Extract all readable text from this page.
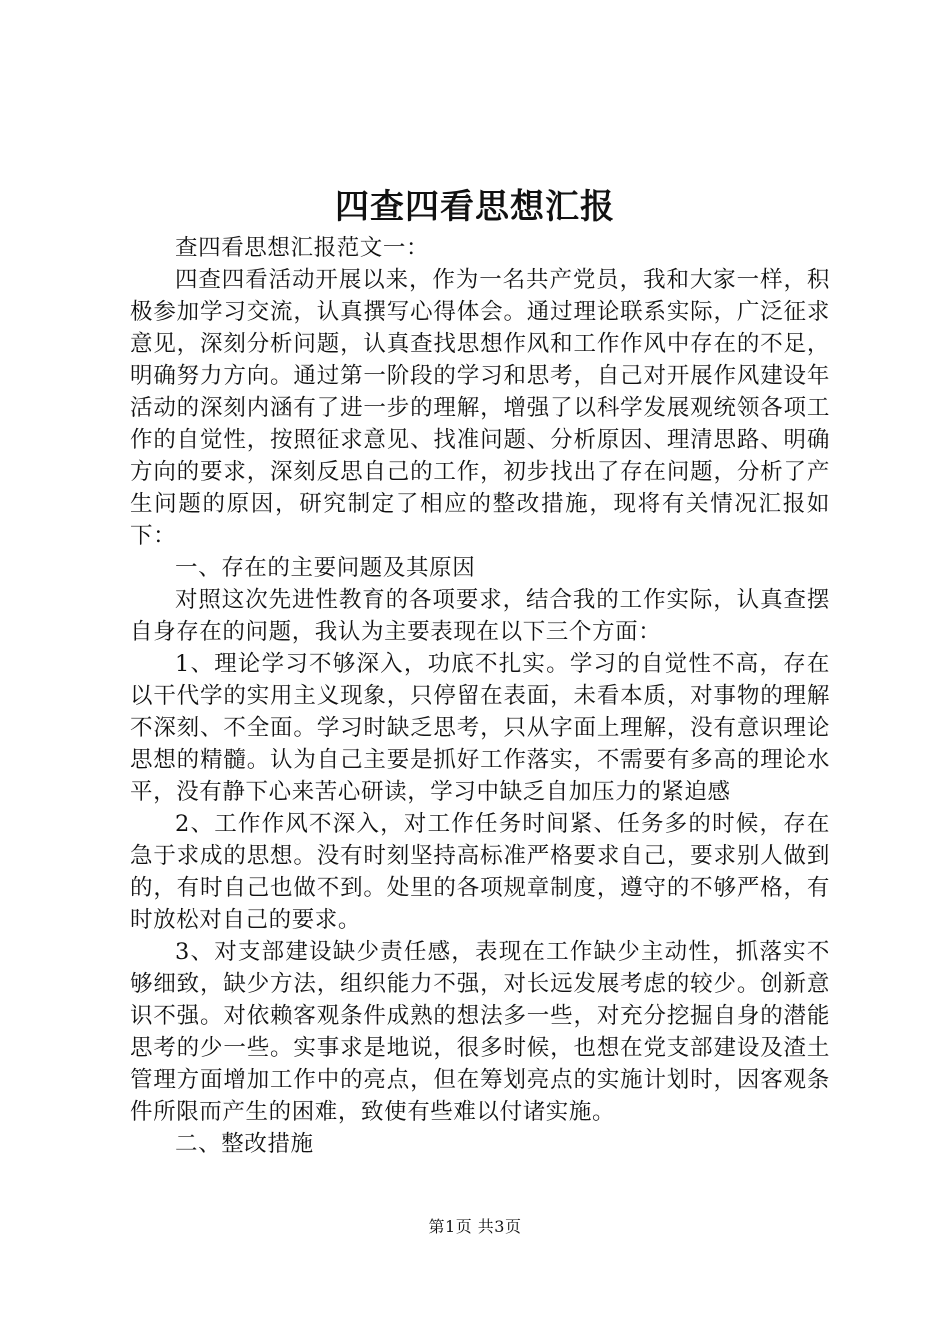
四查四看思想汇报

查四看思想汇报范文一：

四查四看活动开展以来，作为一名共产党员，我和大家一样，积极参加学习交流，认真撰写心得体会。通过理论联系实际，广泛征求意见，深刻分析问题，认真查找思想作风和工作作风中存在的不足，明确努力方向。通过第一阶段的学习和思考，自己对开展作风建设年活动的深刻内涵有了进一步的理解，增强了以科学发展观统领各项工作的自觉性，按照征求意见、找准问题、分析原因、理清思路、明确方向的要求，深刻反思自己的工作，初步找出了存在问题，分析了产生问题的原因，研究制定了相应的整改措施，现将有关情况汇报如下：

一、存在的主要问题及其原因

对照这次先进性教育的各项要求，结合我的工作实际，认真查摆自身存在的问题，我认为主要表现在以下三个方面：

1、理论学习不够深入，功底不扎实。学习的自觉性不高，存在以干代学的实用主义现象，只停留在表面，未看本质，对事物的理解不深刻、不全面。学习时缺乏思考，只从字面上理解，没有意识理论思想的精髓。认为自己主要是抓好工作落实，不需要有多高的理论水平，没有静下心来苦心研读，学习中缺乏自加压力的紧迫感

2、工作作风不深入，对工作任务时间紧、任务多的时候，存在急于求成的思想。没有时刻坚持高标准严格要求自己，要求别人做到的，有时自己也做不到。处里的各项规章制度，遵守的不够严格，有时放松对自己的要求。

3、对支部建设缺少责任感，表现在工作缺少主动性，抓落实不够细致，缺少方法，组织能力不强，对长远发展考虑的较少。创新意识不强。对依赖客观条件成熟的想法多一些，对充分挖掘自身的潜能思考的少一些。实事求是地说，很多时候，也想在党支部建设及渣土管理方面增加工作中的亮点，但在筹划亮点的实施计划时，因客观条件所限而产生的困难，致使有些难以付诸实施。

二、整改措施

第1页 共3页
